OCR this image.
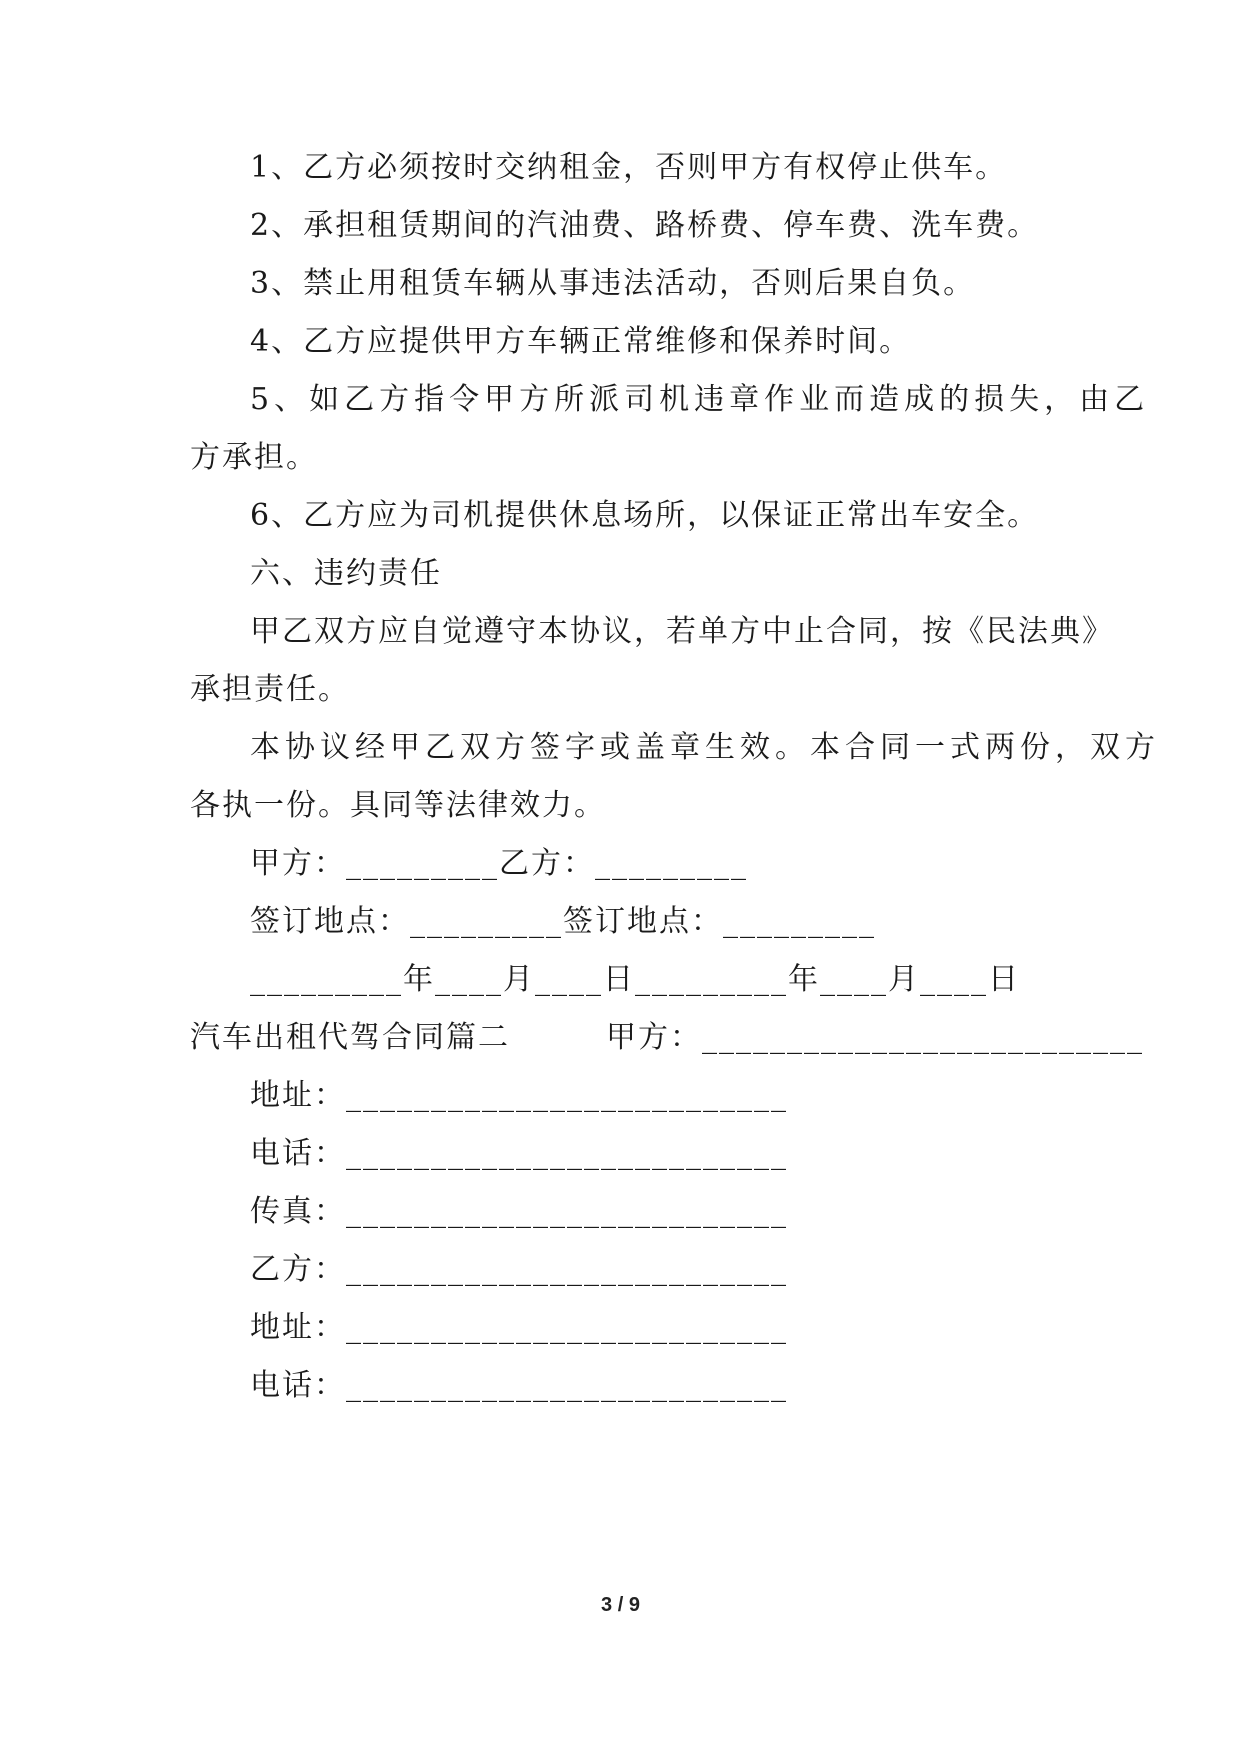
1、乙方必须按时交纳租金，否则甲方有权停止供车。
2、承担租赁期间的汽油费、路桥费、停车费、洗车费。
3、禁止用租赁车辆从事违法活动，否则后果自负。
4、乙方应提供甲方车辆正常维修和保养时间。
5、如乙方指令甲方所派司机违章作业而造成的损失，由乙
方承担。
6、乙方应为司机提供休息场所，以保证正常出车安全。
六、违约责任
甲乙双方应自觉遵守本协议，若单方中止合同，按《民法典》
承担责任。
本协议经甲乙双方签字或盖章生效。本合同一式两份，双方
各执一份。具同等法律效力。
甲方：_________乙方：_________
签订地点：_________签订地点：_________
_________年____月____日_________年____月____日
汽车出租代驾合同篇二　　　甲方：__________________________
地址：__________________________
电话：__________________________
传真：__________________________
乙方：__________________________
地址：__________________________
电话：__________________________
3 / 9
